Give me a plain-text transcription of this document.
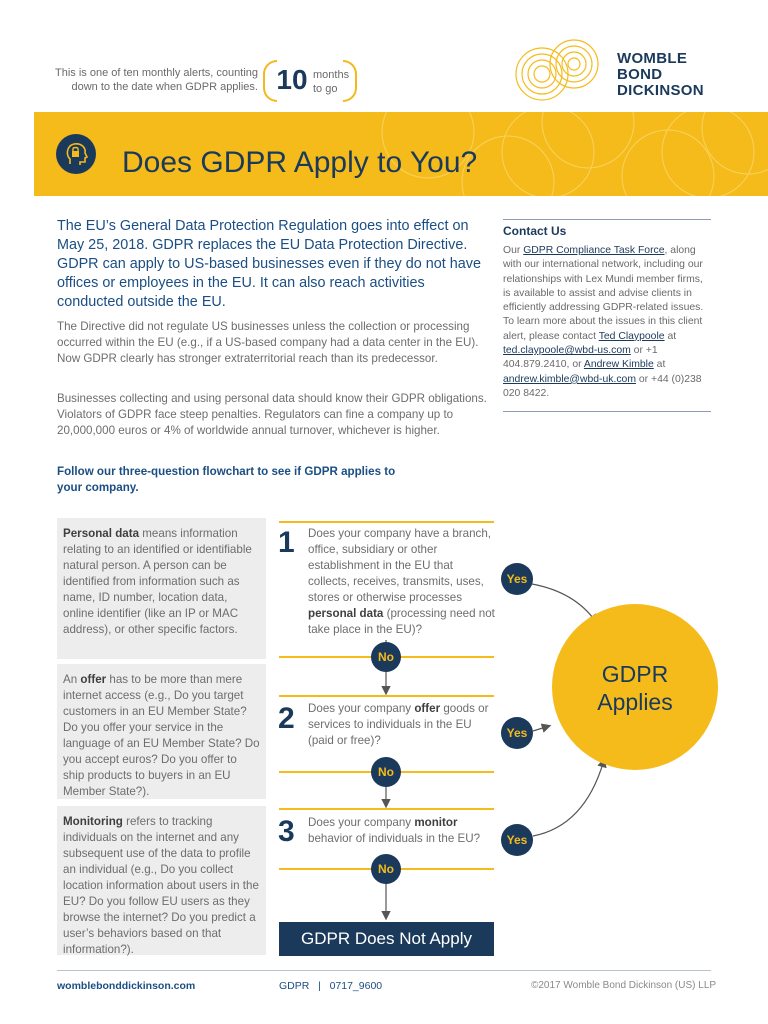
This is one of ten monthly alerts, counting
down to the date when GDPR applies. 10 months
to go
WOMBLE
BOND
DICKINSON
Does GDPR Apply to You?
The EU’s General Data Protection Regulation goes into effect on May 25, 2018. GDPR replaces the EU Data Protection Directive. GDPR can apply to US-based businesses even if they do not have offices or employees in the EU. It can also reach activities conducted outside the EU.
The Directive did not regulate US businesses unless the collection or processing occurred within the EU (e.g., if a US-based company had a data center in the EU). Now GDPR clearly has stronger extraterritorial reach than its predecessor.
Businesses collecting and using personal data should know their GDPR obligations. Violators of GDPR face steep penalties. Regulators can fine a company up to 20,000,000 euros or 4% of worldwide annual turnover, whichever is higher.
Follow our three-question flowchart to see if GDPR applies to your company.
Contact Us
Our GDPR Compliance Task Force, along with our international network, including our relationships with Lex Mundi member firms, is available to assist and advise clients in efficiently addressing GDPR-related issues. To learn more about the issues in this client alert, please contact Ted Claypoole at ted.claypoole@wbd-us.com or +1 404.879.2410, or Andrew Kimble at andrew.kimble@wbd-uk.com or +44 (0)238 020 8422.
Personal data means information relating to an identified or identifiable natural person. A person can be identified from information such as name, ID number, location data, online identifier (like an IP or MAC address), or other specific factors.
An offer has to be more than mere internet access (e.g., Do you target customers in an EU Member State? Do you offer your service in the language of an EU Member State? Do you accept euros? Do you offer to ship products to buyers in an EU Member State?).
Monitoring refers to tracking individuals on the internet and any subsequent use of the data to profile an individual (e.g., Do you collect location information about users in the EU? Do you follow EU users as they browse the internet? Do you predict a user’s behaviors based on that information?).
1 Does your company have a branch, office, subsidiary or other establishment in the EU that collects, receives, transmits, uses, stores or otherwise processes personal data (processing need not take place in the EU)?
No
Yes
2 Does your company offer goods or services to individuals in the EU (paid or free)?
No
Yes
3 Does your company monitor behavior of individuals in the EU?
No
Yes
GDPR
Applies
GDPR Does Not Apply
womblebonddickinson.com	GDPR   |   0717_9600	©2017 Womble Bond Dickinson (US) LLP
